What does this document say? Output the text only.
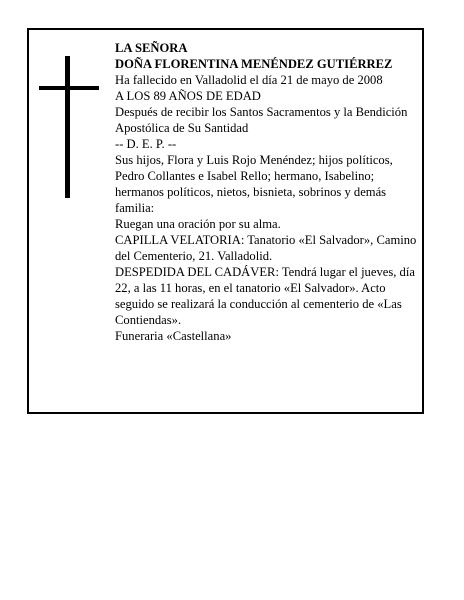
LA SEÑORA

DOÑA FLORENTINA MENÉNDEZ GUTIÉRREZ

Ha fallecido en Valladolid el día 21 de mayo de 2008

A LOS 89 AÑOS DE EDAD

Después de recibir los Santos Sacramentos y la Bendición Apostólica de Su Santidad

-- D. E. P. --

Sus hijos, Flora y Luis Rojo Menéndez; hijos políticos, Pedro Collantes e Isabel Rello; hermano, Isabelino; hermanos políticos, nietos, bisnieta, sobrinos y demás familia:

Ruegan una oración por su alma.

CAPILLA VELATORIA: Tanatorio «El Salvador», Camino del Cementerio, 21. Valladolid.

DESPEDIDA DEL CADÁVER: Tendrá lugar el jueves, día 22, a las 11 horas, en el tanatorio «El Salvador». Acto seguido se realizará la conducción al cementerio de «Las Contiendas».

Funeraria «Castellana»
